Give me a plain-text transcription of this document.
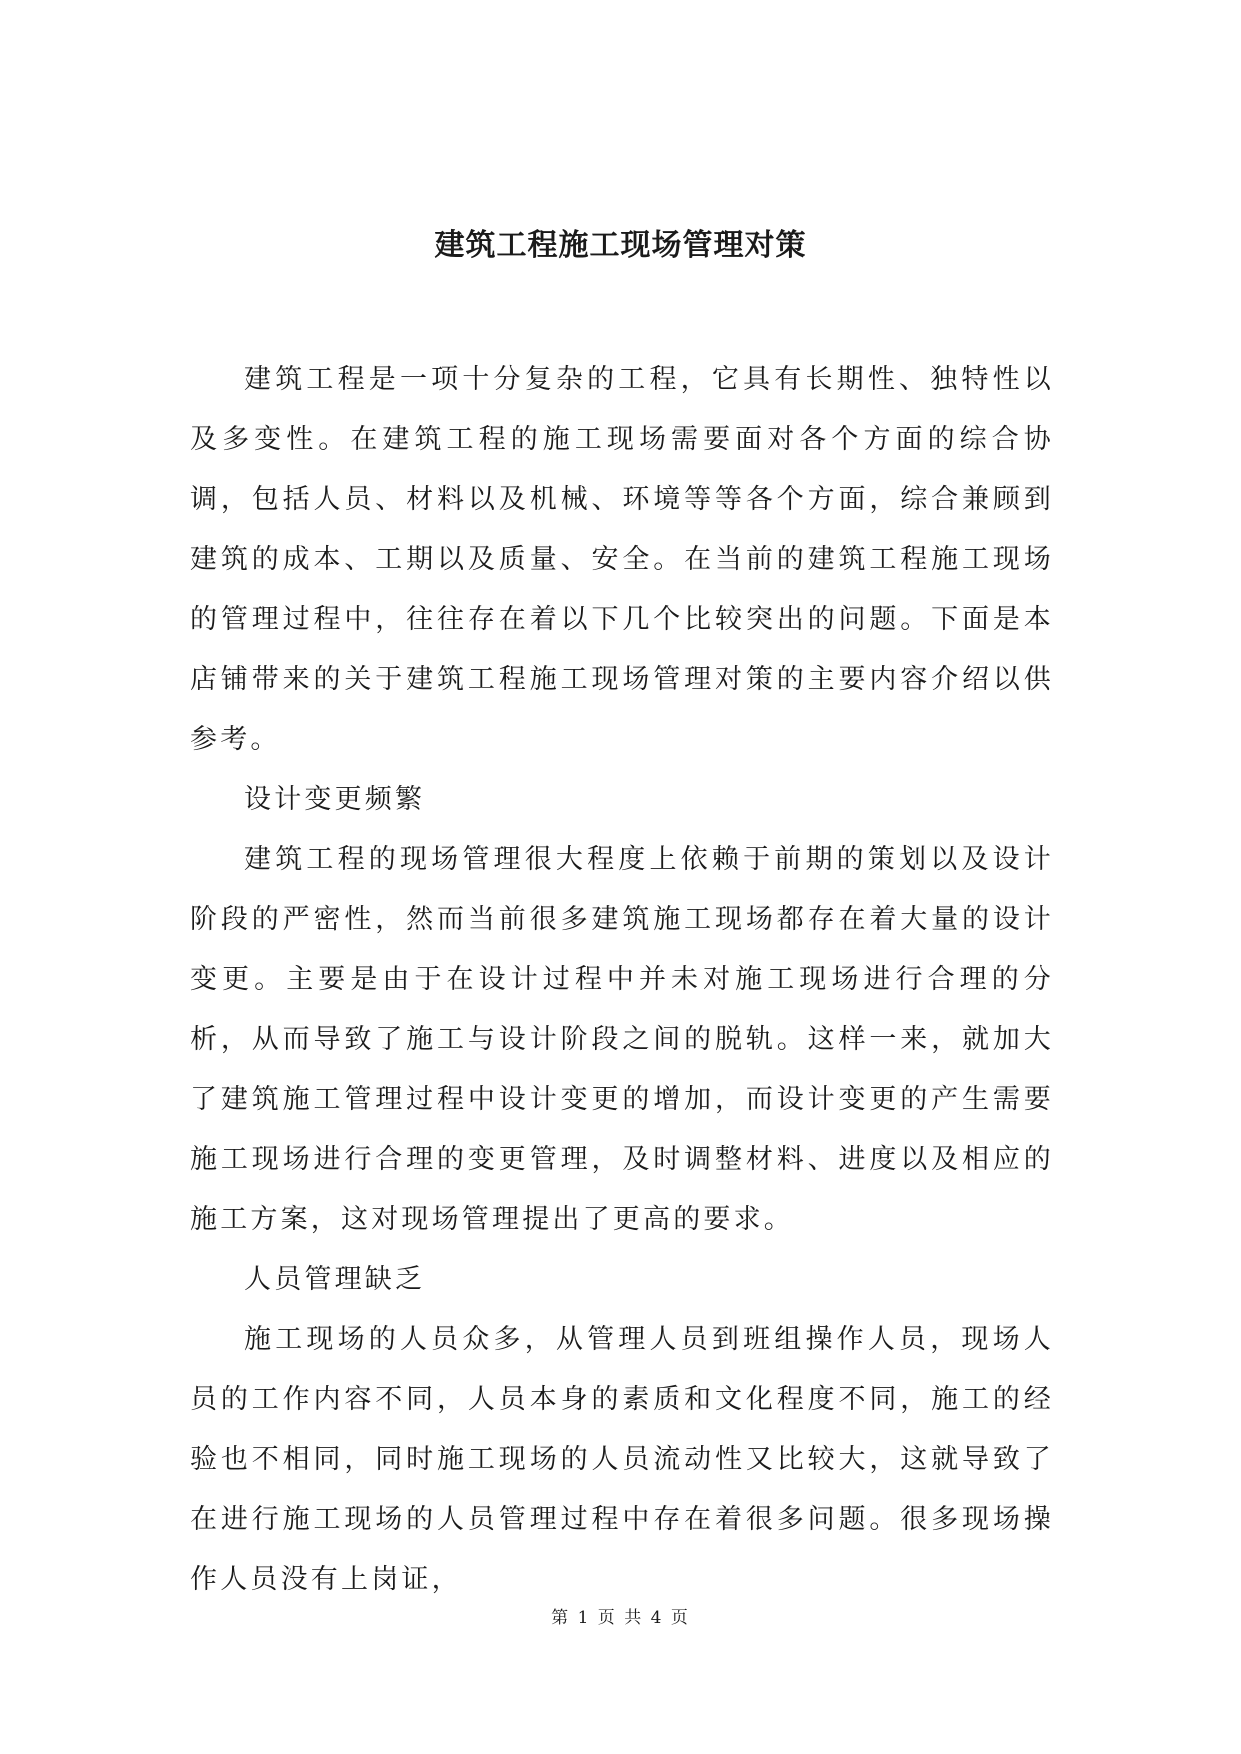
建筑工程施工现场管理对策

建筑工程是一项十分复杂的工程，它具有长期性、独特性以及多变性。在建筑工程的施工现场需要面对各个方面的综合协调，包括人员、材料以及机械、环境等等各个方面，综合兼顾到建筑的成本、工期以及质量、安全。在当前的建筑工程施工现场的管理过程中，往往存在着以下几个比较突出的问题。下面是本店铺带来的关于建筑工程施工现场管理对策的主要内容介绍以供参考。

设计变更频繁

建筑工程的现场管理很大程度上依赖于前期的策划以及设计阶段的严密性，然而当前很多建筑施工现场都存在着大量的设计变更。主要是由于在设计过程中并未对施工现场进行合理的分析，从而导致了施工与设计阶段之间的脱轨。这样一来，就加大了建筑施工管理过程中设计变更的增加，而设计变更的产生需要施工现场进行合理的变更管理，及时调整材料、进度以及相应的施工方案，这对现场管理提出了更高的要求。

人员管理缺乏

施工现场的人员众多，从管理人员到班组操作人员，现场人员的工作内容不同，人员本身的素质和文化程度不同，施工的经验也不相同，同时施工现场的人员流动性又比较大，这就导致了在进行施工现场的人员管理过程中存在着很多问题。很多现场操作人员没有上岗证，

第 1 页 共 4 页
